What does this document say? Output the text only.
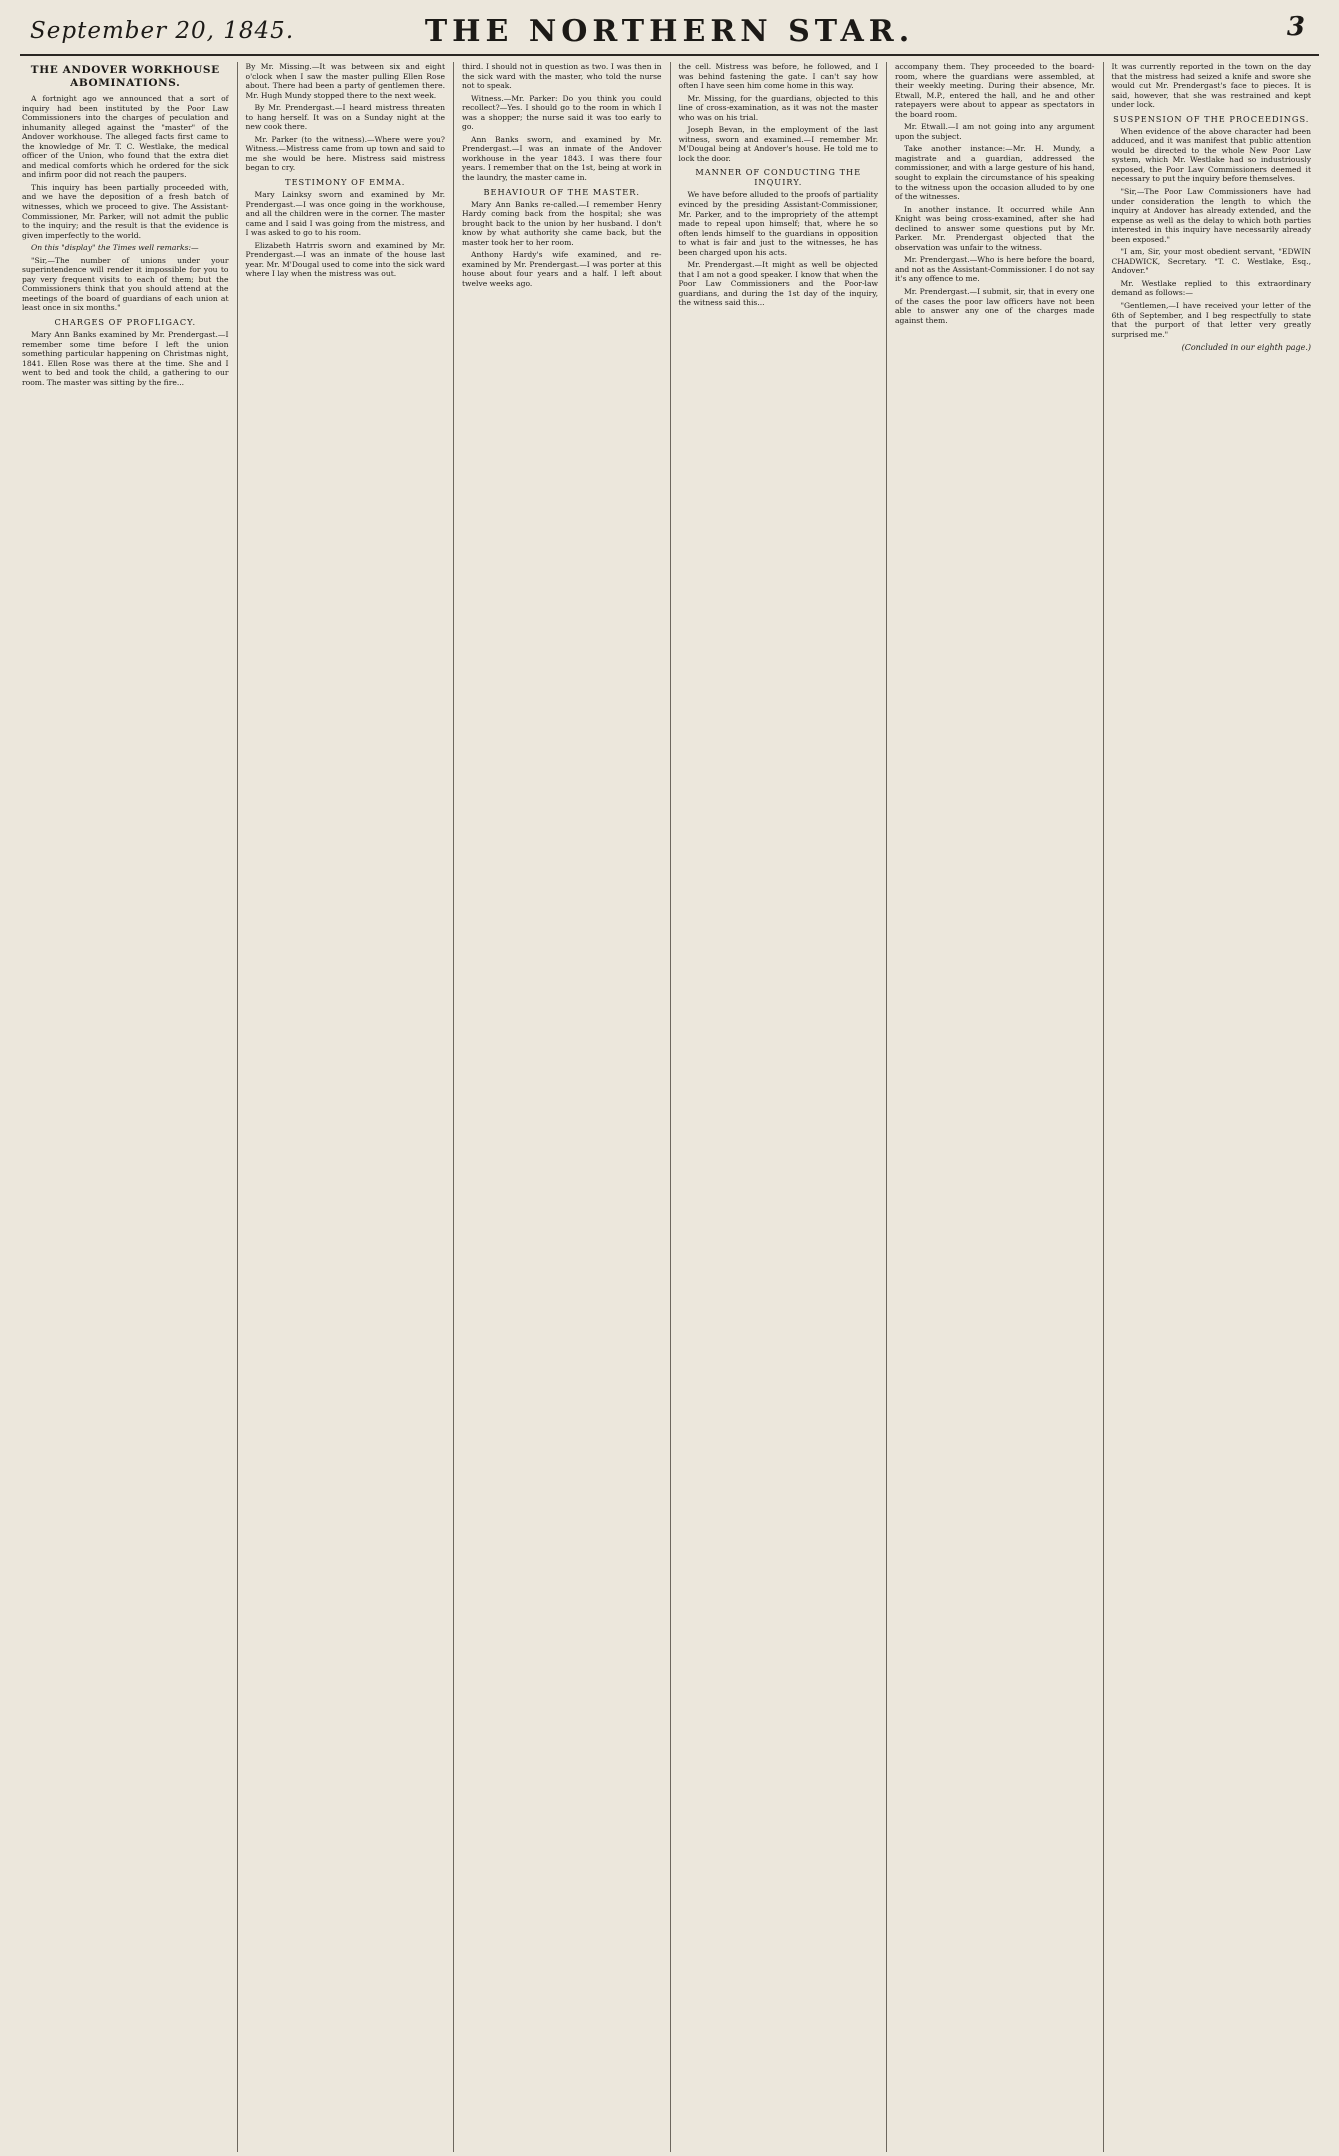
September 20, 1845.	THE NORTHERN STAR.	3
THE ANDOVER WORKHOUSE ABOMINATIONS.

A fortnight ago we announced that a sort of inquiry had been instituted by the Poor Law Commissioners into the charges of peculation and inhumanity alleged against the "master" of the Andover workhouse. The alleged facts first came to the knowledge of Mr. T. C. Westlake, the medical officer of the Union, who found that the extra diet and medical comforts which he ordered for the sick and infirm poor did not reach the paupers.

This inquiry has been partially proceeded with, and we have the deposition of a fresh batch of witnesses, which we proceed to give. The Assistant-Commissioner, Mr. Parker, will not admit the public to the inquiry; and the result is that the evidence is given imperfectly to the world.

On this "display" the Times well remarks:—

"Sir,—The number of unions under your superintendence will render it impossible for you to pay very frequent visits to each of them; but the Commissioners think that you should attend at the meetings of the board of guardians of each union at least once in six months."

CHARGES OF PROFLIGACY.

Mary Ann Banks examined by Mr. Prendergast.—I remember some time before I left the union something particular happening on Christmas night, 1841. Ellen Rose was there at the time. She and I went to bed and took the child, a gathering to our room. The master was sitting by the fire...

By Mr. Missing.—It was between six and eight o'clock when I saw the master pulling Ellen Rose about. There had been a party of gentlemen there. Mr. Hugh Mundy stopped there to the next week.

By Mr. Prendergast.—I heard mistress threaten to hang herself. It was on a Sunday night at the new cook there.

Mr. Parker (to the witness).—Where were you? Witness.—Mistress came from up town and said to me she would be here. Mistress said mistress began to cry.

TESTIMONY OF EMMA.

Mary Lainksy sworn and examined by Mr. Prendergast.—I was once going in the workhouse, and all the children were in the corner. The master came and I said I was going from the mistress, and I was asked to go to his room.

Elizabeth Hatrris sworn and examined by Mr. Prendergast.—I was an inmate of the house last year. Mr. M'Dougal used to come into the sick ward where I lay when the mistress was out.

third. I should not in question as two. I was then in the sick ward with the master, who told the nurse not to speak.

Witness.—Mr. Parker: Do you think you could recollect?—Yes. I should go to the room in which I was a shopper; the nurse said it was too early to go.

Ann Banks sworn, and examined by Mr. Prendergast.—I was an inmate of the Andover workhouse in the year 1843. I was there four years. I remember that on the 1st, being at work in the laundry, the master came in.

BEHAVIOUR OF THE MASTER.

Mary Ann Banks re-called.—I remember Henry Hardy coming back from the hospital; she was brought back to the union by her husband. I don't know by what authority she came back, but the master took her to her room.

Anthony Hardy's wife examined, and re-examined by Mr. Prendergast.—I was porter at this house about four years and a half. I left about twelve weeks ago.

the cell. Mistress was before, he followed, and I was behind fastening the gate. I can't say how often I have seen him come home in this way.

Mr. Missing, for the guardians, objected to this line of cross-examination, as it was not the master who was on his trial.

Joseph Bevan, in the employment of the last witness, sworn and examined.—I remember Mr. M'Dougal being at Andover's house. He told me to lock the door.

MANNER OF CONDUCTING THE INQUIRY.

We have before alluded to the proofs of partiality evinced by the presiding Assistant-Commissioner, Mr. Parker, and to the impropriety of the attempt made to repeal upon himself; that, where he so often lends himself to the guardians in opposition to what is fair and just to the witnesses, he has been charged upon his acts.

Mr. Prendergast.—It might as well be objected that I am not a good speaker. I know that when the Poor Law Commissioners and the Poor-law guardians, and during the 1st day of the inquiry, the witness said this...

accompany them. They proceeded to the board-room, where the guardians were assembled, at their weekly meeting. During their absence, Mr. Etwall, M.P., entered the hall, and he and other ratepayers were about to appear as spectators in the board room.

Mr. Etwall.—I am not going into any argument upon the subject.

Take another instance:—Mr. H. Mundy, a magistrate and a guardian, addressed the commissioner, and with a large gesture of his hand, sought to explain the circumstance of his speaking to the witness upon the occasion alluded to by one of the witnesses.

In another instance. It occurred while Ann Knight was being cross-examined, after she had declined to answer some questions put by Mr. Parker. Mr. Prendergast objected that the observation was unfair to the witness.

Mr. Prendergast.—Who is here before the board, and not as the Assistant-Commissioner. I do not say it's any offence to me.

Mr. Prendergast.—I submit, sir, that in every one of the cases the poor law officers have not been able to answer any one of the charges made against them.

It was currently reported in the town on the day that the mistress had seized a knife and swore she would cut Mr. Prendergast's face to pieces. It is said, however, that she was restrained and kept under lock.

SUSPENSION OF THE PROCEEDINGS.

When evidence of the above character had been adduced, and it was manifest that public attention would be directed to the whole New Poor Law system, which Mr. Westlake had so industriously exposed, the Poor Law Commissioners deemed it necessary to put the inquiry before themselves.

"Sir,—The Poor Law Commissioners have had under consideration the length to which the inquiry at Andover has already extended, and the expense as well as the delay to which both parties interested in this inquiry have necessarily already been exposed."

"I am, Sir, your most obedient servant, "EDWIN CHADWICK, Secretary. "T. C. Westlake, Esq., Andover."

Mr. Westlake replied to this extraordinary demand as follows:—

"Gentlemen,—I have received your letter of the 6th of September, and I beg respectfully to state that the purport of that letter very greatly surprised me."

(Concluded in our eighth page.)
